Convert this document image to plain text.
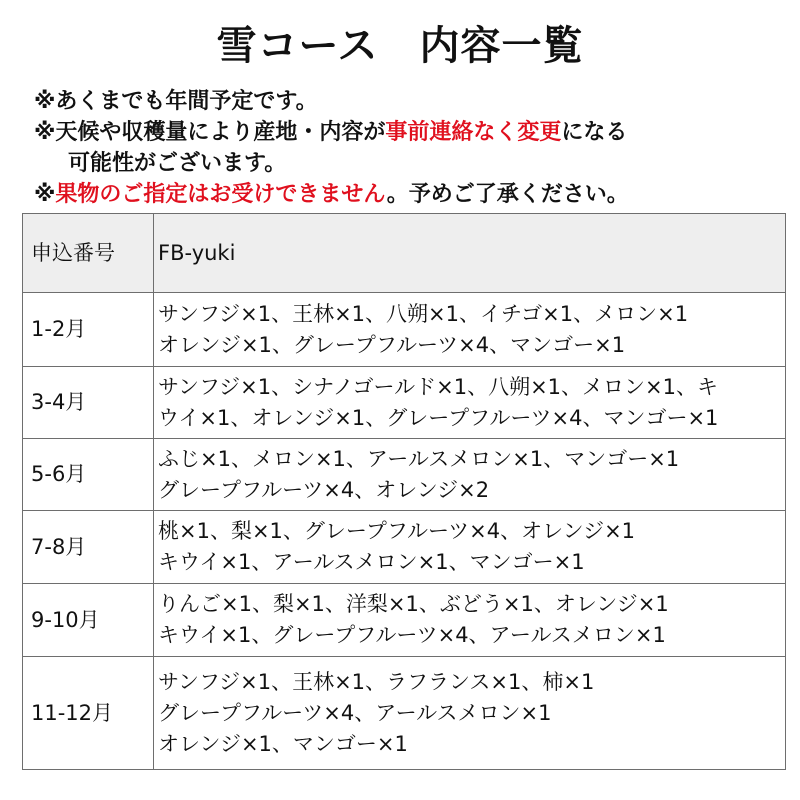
雪コース　内容一覧
※あくまでも年間予定です。
※天候や収穫量により産地・内容が事前連絡なく変更になる
可能性がございます。
※果物のご指定はお受けできません。予めご了承ください。
申込番号	FB-yuki
1-2月	サンフジ×1、王林×1、八朔×1、イチゴ×1、メロン×1
オレンジ×1、グレープフルーツ×4、マンゴー×1

3-4月	サンフジ×1、シナノゴールド×1、八朔×1、メロン×1、キ
ウイ×1、オレンジ×1、グレープフルーツ×4、マンゴー×1

5-6月	ふじ×1、メロン×1、アールスメロン×1、マンゴー×1
グレープフルーツ×4、オレンジ×2

7-8月	桃×1、梨×1、グレープフルーツ×4、オレンジ×1
キウイ×1、アールスメロン×1、マンゴー×1

9-10月	りんご×1、梨×1、洋梨×1、ぶどう×1、オレンジ×1
キウイ×1、グレープフルーツ×4、アールスメロン×1

11-12月	サンフジ×1、王林×1、ラフランス×1、柿×1
グレープフルーツ×4、アールスメロン×1
オレンジ×1、マンゴー×1
